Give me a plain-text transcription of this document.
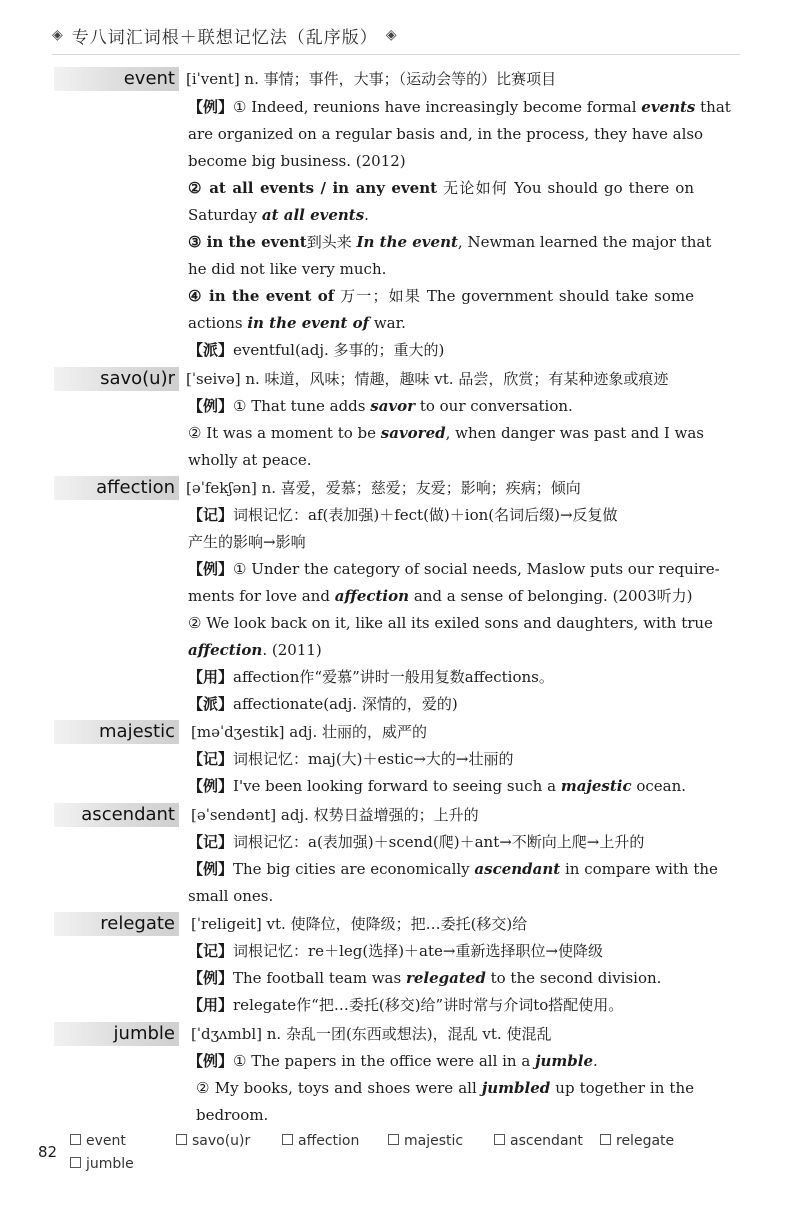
◈ 专八词汇词根＋联想记忆法（乱序版） ◈
event [iˈvent] n. 事情；事件，大事；（运动会等的）比赛项目
【例】① Indeed, reunions have increasingly become formal events that
are organized on a regular basis and, in the process, they have also
become big business. (2012)
② at all events / in any event 无论如何 You should go there on
Saturday at all events.
③ in the event到头来 In the event, Newman learned the major that
he did not like very much.
④ in the event of 万一；如果 The government should take some
actions in the event of war.
【派】eventful(adj. 多事的；重大的)
savo(u)r [ˈseivə] n. 味道，风味；情趣，趣味 vt. 品尝，欣赏；有某种迹象或痕迹
【例】① That tune adds savor to our conversation.
② It was a moment to be savored, when danger was past and I was
wholly at peace.
affection [əˈfekʃən] n. 喜爱，爱慕；慈爱；友爱；影响；疾病；倾向
【记】词根记忆：af(表加强)＋fect(做)＋ion(名词后缀)→反复做
产生的影响→影响
【例】① Under the category of social needs, Maslow puts our require-
ments for love and affection and a sense of belonging. (2003听力)
② We look back on it, like all its exiled sons and daughters, with true
affection. (2011)
【用】affection作“爱慕”讲时一般用复数affections。
【派】affectionate(adj. 深情的，爱的)
majestic [məˈdʒestik] adj. 壮丽的，威严的
【记】词根记忆：maj(大)＋estic→大的→壮丽的
【例】I've been looking forward to seeing such a majestic ocean.
ascendant [əˈsendənt] adj. 权势日益增强的；上升的
【记】词根记忆：a(表加强)＋scend(爬)＋ant→不断向上爬→上升的
【例】The big cities are economically ascendant in compare with the
small ones.
relegate [ˈreligeit] vt. 使降位，使降级；把…委托(移交)给
【记】词根记忆：re＋leg(选择)＋ate→重新选择职位→使降级
【例】The football team was relegated to the second division.
【用】relegate作“把…委托(移交)给”讲时常与介词to搭配使用。
jumble [ˈdʒʌmbl] n. 杂乱一团(东西或想法)，混乱 vt. 使混乱
【例】① The papers in the office were all in a jumble.
② My books, toys and shoes were all jumbled up together in the
bedroom.
82
event	savo(u)r	affection	majestic	ascendant	relegate
jumble
